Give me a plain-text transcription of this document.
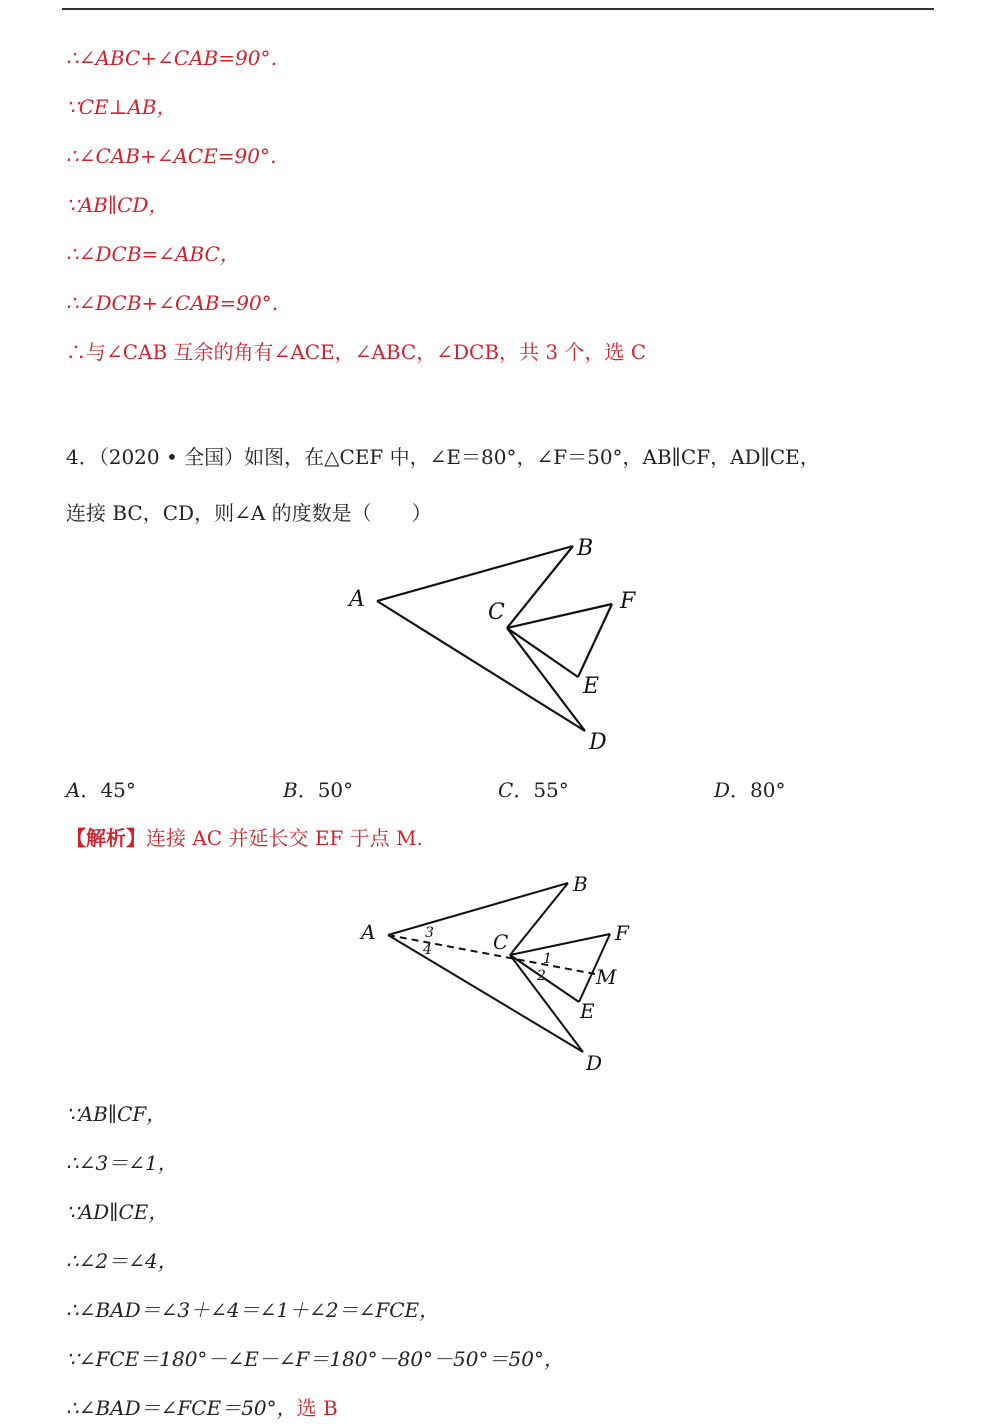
∴∠ABC+∠CAB=90°．
∵CE⊥AB，
∴∠CAB+∠ACE=90°．
∵AB∥CD，
∴∠DCB=∠ABC，
∴∠DCB+∠CAB=90°．
∴与∠CAB 互余的角有∠ACE，∠ABC，∠DCB，共 3 个，选 C
4．（2020 • 全国）如图，在△CEF 中，∠E＝80°，∠F＝50°，AB∥CF，AD∥CE，
连接 BC，CD，则∠A 的度数是（　　）
A
B
C
D
E
F
A．45°	B．50°	C．55°	D．80°
【解析】连接 AC 并延长交 EF 于点 M.
A
B
C
D
E
F
M
1
2
3
4
∵AB∥CF，
∴∠3＝∠1，
∵AD∥CE，
∴∠2＝∠4，
∴∠BAD＝∠3＋∠4＝∠1＋∠2＝∠FCE，
∵∠FCE＝180°－∠E－∠F＝180°－80°－50°＝50°，
∴∠BAD＝∠FCE＝50°，选 B
